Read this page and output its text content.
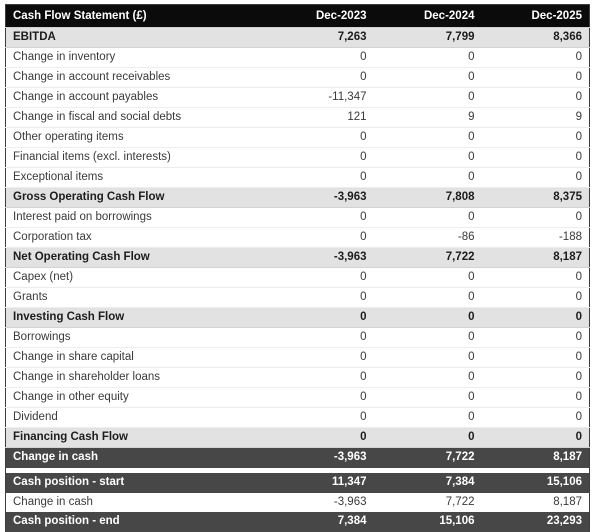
Cash Flow Statement (£)	Dec-2023	Dec-2024	Dec-2025
EBITDA	7,263	7,799	8,366
Change in inventory	0	0	0
Change in account receivables	0	0	0
Change in account payables	-11,347	0	0
Change in fiscal and social debts	121	9	9
Other operating items	0	0	0
Financial items (excl. interests)	0	0	0
Exceptional items	0	0	0
Gross Operating Cash Flow	-3,963	7,808	8,375
Interest paid on borrowings	0	0	0
Corporation tax	0	-86	-188
Net Operating Cash Flow	-3,963	7,722	8,187
Capex (net)	0	0	0
Grants	0	0	0
Investing Cash Flow	0	0	0
Borrowings	0	0	0
Change in share capital	0	0	0
Change in shareholder loans	0	0	0
Change in other equity	0	0	0
Dividend	0	0	0
Financing Cash Flow	0	0	0
Change in cash	-3,963	7,722	8,187

Cash position - start	11,347	7,384	15,106
Change in cash	-3,963	7,722	8,187
Cash position - end	7,384	15,106	23,293
